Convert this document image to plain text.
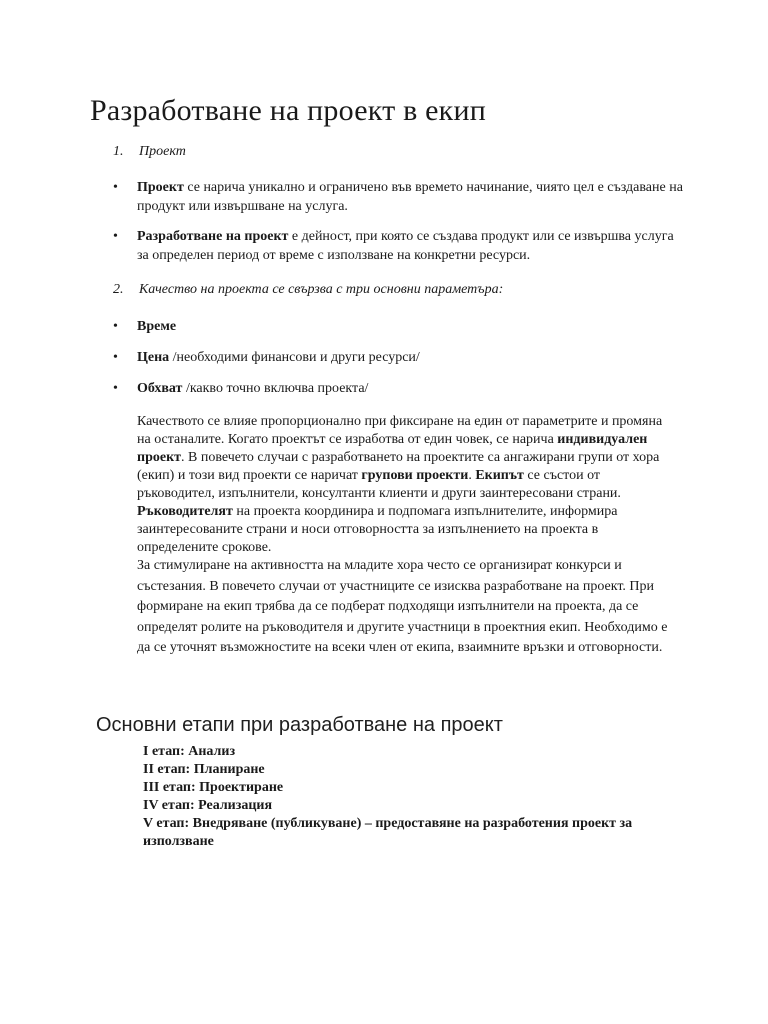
Разработване на проект в екип

1. Проект

• Проект се нарича уникално и ограничено във времето начинание, чиято цел е създаване на продукт или извършване на услуга.
• Разработване на проект е дейност, при която се създава продукт или се извършва услуга за определен период от време с използване на конкретни ресурси.

2. Качество на проекта се свързва с три основни параметъра:

• Време
• Цена /необходими финансови и други ресурси/
• Обхват /какво точно включва проекта/

Качеството се влияе пропорционално при фиксиране на един от параметрите и промяна на останалите. Когато проектът се изработва от един човек, се нарича индивидуален проект. В повечето случаи с разработването на проектите са ангажирани групи от хора (екип) и този вид проекти се наричат групови проекти. Екипът се състои от ръководител, изпълнители, консултанти клиенти и други заинтересовани страни. Ръководителят на проекта координира и подпомага изпълнителите, информира заинтересованите страни и носи отговорността за изпълнението на проекта в определените срокове.

За стимулиране на активността на младите хора често се организират конкурси и състезания. В повечето случаи от участниците се изисква разработване на проект. При формиране на екип трябва да се подберат подходящи изпълнители на проекта, да се определят ролите на ръководителя и другите участници в проектния екип. Необходимо е да се уточнят възможностите на всеки член от екипа, взаимните връзки и отговорности.

Основни етапи при разработване на проект
I етап: Анализ
II етап: Планиране
III етап: Проектиране
IV етап: Реализация
V етап: Внедряване (публикуване) – предоставяне на разработения проект за използване
